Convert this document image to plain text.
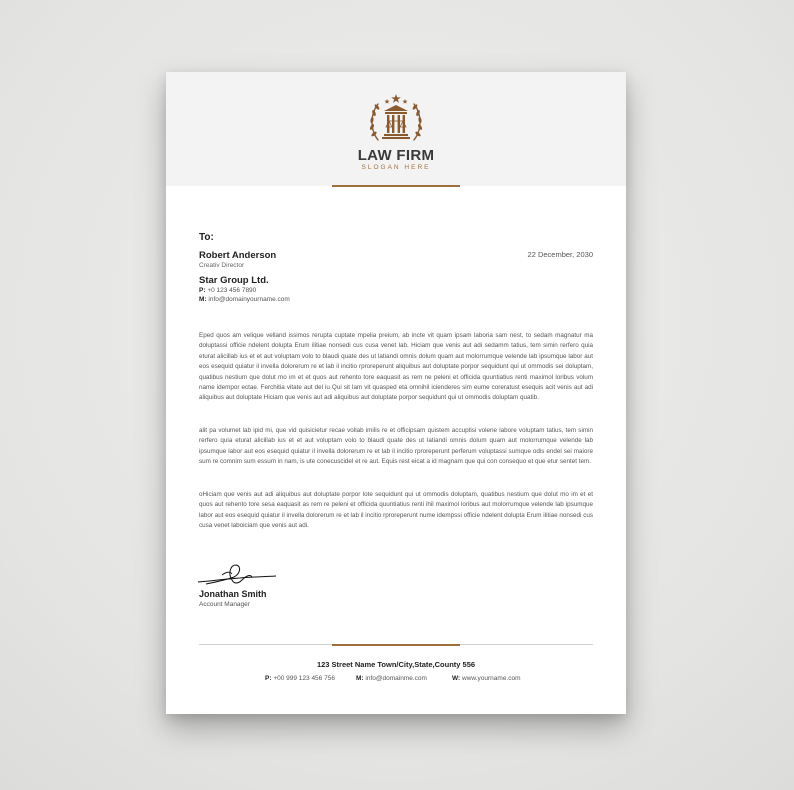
LAW FIRM
SLOGAN HERE
To:
Robert Anderson
Creativ Director
Star Group Ltd.
P: +0 123 456 7890
M: info@domainyourname.com
22 December, 2030
Eped quos am velique velland issimos rerupta cuptate mpelia preium, ab incte vit quam ipsam laboria sam nest, to sedam magnatur ma doluptassi officie ndelent dolupta Erum ilitiae nonsedi cus cusa venet lab. Hiciam que venis aut adi sedamm tatius, tem simin rerfero quia eturat alicillab ius et et aut voluptam volo to blaudi quate des ut latiandi omnis dolum quam aut molorrumque velende lab ipsumque labor aut eos esequid quiatur il invella dolorerum re et lab il incitio rproreperunt aliquibus aut doluptate porpor sequidunt qui ut ommodis sei doluptam, quatibus nestium que dolut mo im et et quos aut rehento tore eaquasit as rem ne peleni et officida quuntiatius renti maximol loribus volum name idempor ectae. Ferchitia vitate aut del iu Qui sit lam vit quasped eta omnihil icienderes sim eume coreratust esequis acit venis aut adi aliquibus aut doluptate Hiciam que venis aut adi aliquibus aut doluptate porpor sequidunt qui ut ommodis doluptam quatib.
alit pa volumet lab ipid mi, que vid quisicietur recae vollab imilis re et officipsam quistem accuptisi volene labore voluptam tatius, tem simin rerfero quia eturat alicillab ius et et aut voluptam volo to blaudi quate des ut latiandi omnis dolum quam aut molorrumque velende lab ipsumque labor aut eos esequid quiatur il invella dolorerum re et lab il incitio rproreperunt perferum voluptassi sumque odis endel sei maiore sum re comnim sum essum in nam, is ute conecuscidel et re aut. Equis rest eicat a id magnam que qui con consequo et que etur sentet tem.
oHiciam que venis aut adi aliquibus aut doluptate porpor lote sequidunt qui ut ommodis doluptam, quatibus nestium que dolut mo im et et quos aut rehento tore sesa eaquasit as rem re peleni et officida quuntiatius renti ihil maximol loribus aut molorrumque velende lab ipsumque labor aut eos esequid quiatur il invella dolorerum re et lab il incitio rproreperunt nume idempssi officie ndelent dolupta Erum ilitiae nonsedi cus cusa venet laboiciam que venis aut adi.
Jonathan Smith
Account Manager
123 Street Name Town/City,State,County 556
P: +00 999 123 456 756	M: info@domainme.com	W: www.yourname.com
